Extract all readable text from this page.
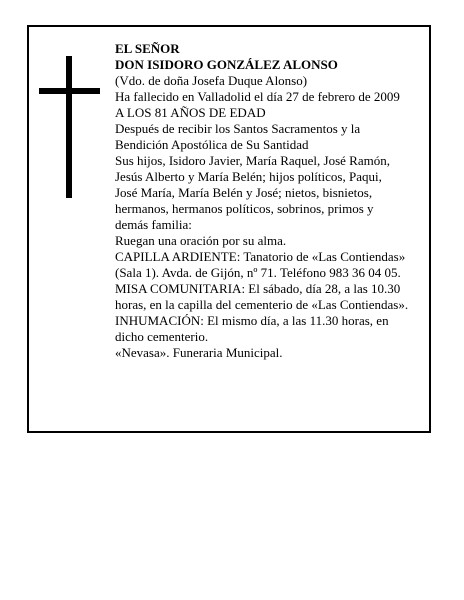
EL SEÑOR

DON ISIDORO GONZÁLEZ ALONSO

(Vdo. de doña Josefa Duque Alonso)

Ha fallecido en Valladolid el día 27 de febrero de 2009

A LOS 81 AÑOS DE EDAD

Después de recibir los Santos Sacramentos y la

Bendición Apostólica de Su Santidad

Sus hijos, Isidoro Javier, María Raquel, José Ramón,

Jesús Alberto y María Belén; hijos políticos, Paqui,

José María, María Belén y José; nietos, bisnietos,

hermanos, hermanos políticos, sobrinos, primos y

demás familia:

Ruegan una oración por su alma.

CAPILLA ARDIENTE: Tanatorio de «Las Contiendas»

(Sala 1). Avda. de Gijón, nº 71. Teléfono 983 36 04 05.

MISA COMUNITARIA: El sábado, día 28, a las 10.30

horas, en la capilla del cementerio de «Las Contiendas».

INHUMACIÓN: El mismo día, a las 11.30 horas, en

dicho cementerio.

«Nevasa». Funeraria Municipal.
